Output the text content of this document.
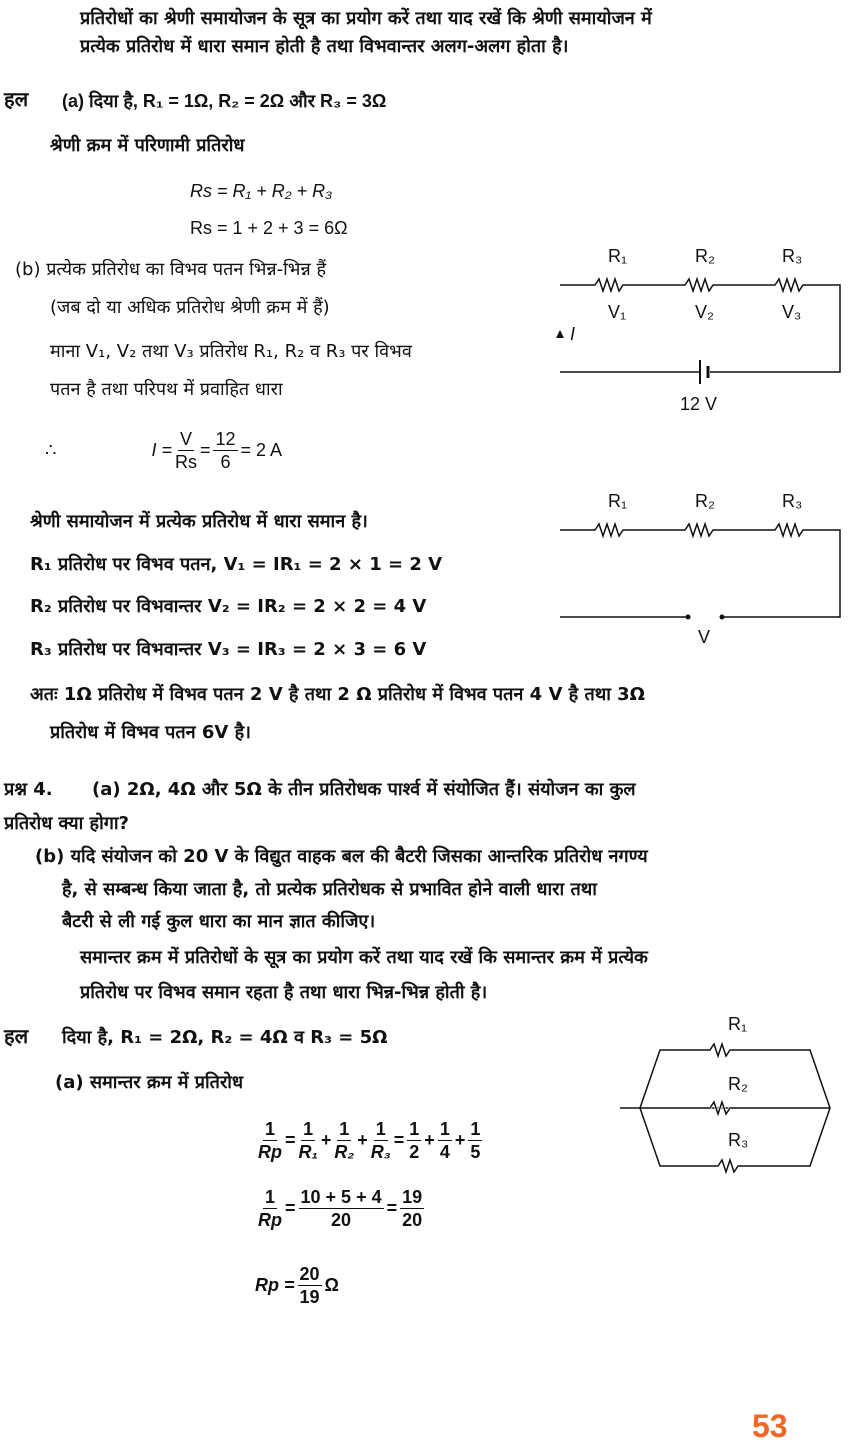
प्रतिरोधों का श्रेणी समायोजन के सूत्र का प्रयोग करें तथा याद रखें कि श्रेणी समायोजन में
प्रत्येक प्रतिरोध में धारा समान होती है तथा विभवान्तर अलग-अलग होता है।
हल (a) दिया है, R₁ = 1Ω, R₂ = 2Ω और R₃ = 3Ω
श्रेणी क्रम में परिणामी प्रतिरोध
Rs = R₁ + R₂ + R₃
Rs = 1 + 2 + 3 = 6Ω
(b) प्रत्येक प्रतिरोध का विभव पतन भिन्न-भिन्न हैं
(जब दो या अधिक प्रतिरोध श्रेणी क्रम में हैं)
माना V₁, V₂ तथा V₃ प्रतिरोध R₁, R₂ व R₃ पर विभव
पतन है तथा परिपथ में प्रवाहित धारा
∴	$I = \frac{V}{Rs} = \frac{12}{6} = 2$ A
R₁	R₂	R₃
V₁	V₂	V₃
I
12 V
श्रेणी समायोजन में प्रत्येक प्रतिरोध में धारा समान है।
R₁ प्रतिरोध पर विभव पतन, V₁ = IR₁ = 2 × 1 = 2 V
R₂ प्रतिरोध पर विभवान्तर V₂ = IR₂ = 2 × 2 = 4 V
R₃ प्रतिरोध पर विभवान्तर V₃ = IR₃ = 2 × 3 = 6 V
R₁	R₂	R₃
V
अतः 1Ω प्रतिरोध में विभव पतन 2 V है तथा 2 Ω प्रतिरोध में विभव पतन 4 V है तथा 3Ω
प्रतिरोध में विभव पतन 6V है।
प्रश्न 4. (a) 2Ω, 4Ω और 5Ω के तीन प्रतिरोधक पार्श्व में संयोजित हैं। संयोजन का कुल
प्रतिरोध क्या होगा?
(b) यदि संयोजन को 20 V के विद्युत वाहक बल की बैटरी जिसका आन्तरिक प्रतिरोध नगण्य
है, से सम्बन्ध किया जाता है, तो प्रत्येक प्रतिरोधक से प्रभावित होने वाली धारा तथा
बैटरी से ली गई कुल धारा का मान ज्ञात कीजिए।
समान्तर क्रम में प्रतिरोधों के सूत्र का प्रयोग करें तथा याद रखें कि समान्तर क्रम में प्रत्येक
प्रतिरोध पर विभव समान रहता है तथा धारा भिन्न-भिन्न होती है।
हल दिया है, R₁ = 2Ω, R₂ = 4Ω व R₃ = 5Ω
(a) समान्तर क्रम में प्रतिरोध
$\frac{1}{Rp} = \frac{1}{\text{R₁}} + \frac{1}{\text{R₂}} + \frac{1}{\text{R₃}} = \frac{1}{2} + \frac{1}{4} + \frac{1}{5}$
$\frac{1}{Rp} = \frac{10 + 5 + 4}{20} = \frac{19}{20}$
$Rp = \frac{20}{19}$ Ω
R₁
R₂
R₃
53
